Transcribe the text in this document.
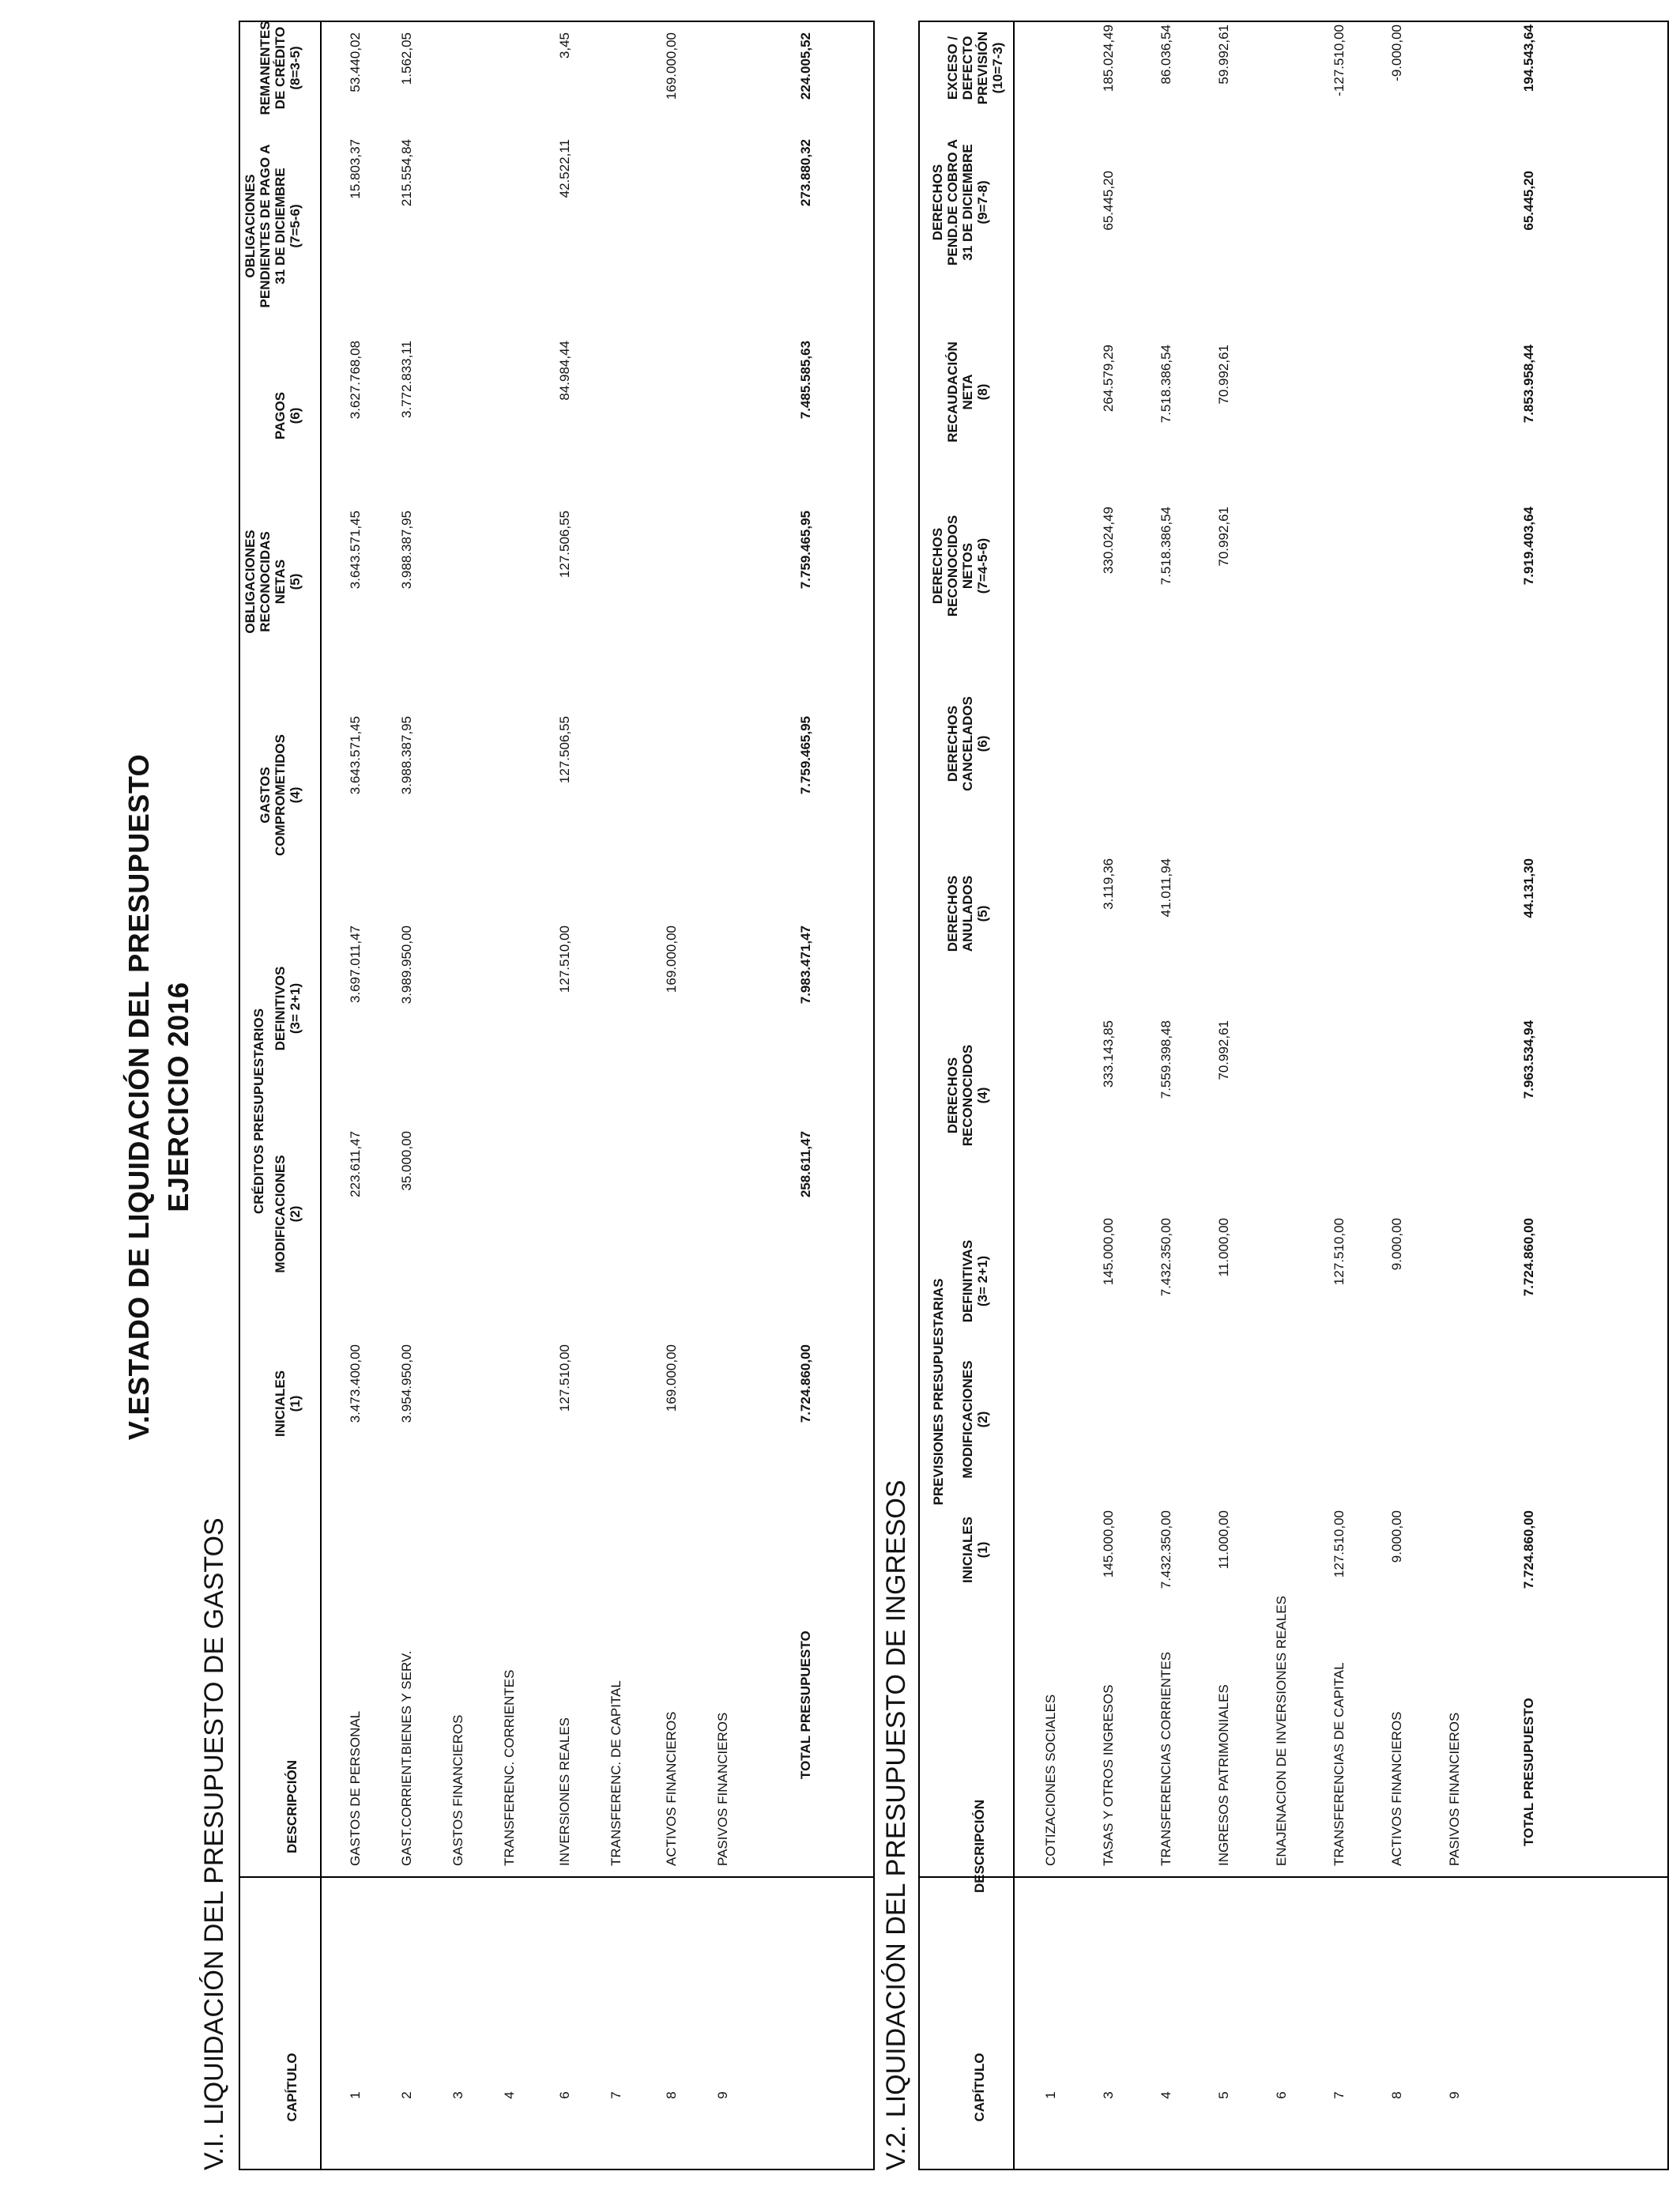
V.ESTADO DE LIQUIDACIÓN DEL PRESUPUESTO EJERCICIO 2016
V.I. LIQUIDACIÓN DEL PRESUPUESTO DE GASTOS
CRÉDITOS PRESUPUESTARIOS
CAPÍTULO
DESCRIPCIÓN
INICIALES
(1)
MODIFICACIONES
(2)
DEFINITIVOS
(3= 2+1)
GASTOS
COMPROMETIDOS
(4)
OBLIGACIONES
RECONOCIDAS
NETAS
(5)
PAGOS
(6)
OBLIGACIONES
PENDIENTES DE PAGO A
31 DE DICIEMBRE
(7=5-6)
REMANENTES
DE CRÉDITO
(8=3-5)
1
GASTOS DE PERSONAL
3.473.400,00
223.611,47
3.697.011,47
3.643.571,45
3.643.571,45
3.627.768,08
15.803,37
53.440,02
2
GAST.CORRIENT.BIENES Y SERV.
3.954.950,00
35.000,00
3.989.950,00
3.988.387,95
3.988.387,95
3.772.833,11
215.554,84
1.562,05
3
GASTOS FINANCIEROS
4
TRANSFERENC. CORRIENTES
6
INVERSIONES REALES
127.510,00
127.510,00
127.506,55
127.506,55
84.984,44
42.522,11
3,45
7
TRANSFERENC. DE CAPITAL
8
ACTIVOS FINANCIEROS
169.000,00
169.000,00
169.000,00
9
PASIVOS FINANCIEROS
TOTAL PRESUPUESTO
7.724.860,00
258.611,47
7.983.471,47
7.759.465,95
7.759.465,95
7.485.585,63
273.880,32
224.005,52
V.2. LIQUIDACIÓN DEL PRESUPUESTO DE INGRESOS
PREVISIONES PRESUPUESTARIAS
CAPÍTULO
DESCRIPCIÓN
INICIALES
(1)
MODIFICACIONES
(2)
DEFINITIVAS
(3= 2+1)
DERECHOS
RECONOCIDOS
(4)
DERECHOS
ANULADOS
(5)
DERECHOS
CANCELADOS
(6)
DERECHOS
RECONOCIDOS
NETOS
(7=4-5-6)
RECAUDACIÓN
NETA
(8)
DERECHOS
PEND.DE COBRO A
31 DE DICIEMBRE
(9=7-8)
EXCESO / DEFECTO
PREVISIÓN
(10=7-3)
1
COTIZACIONES SOCIALES
3
TASAS Y OTROS INGRESOS
145.000,00
145.000,00
333.143,85
3.119,36
330.024,49
264.579,29
65.445,20
185.024,49
4
TRANSFERENCIAS CORRIENTES
7.432.350,00
7.432.350,00
7.559.398,48
41.011,94
7.518.386,54
7.518.386,54
86.036,54
5
INGRESOS PATRIMONIALES
11.000,00
11.000,00
70.992,61
70.992,61
70.992,61
59.992,61
6
ENAJENACION DE INVERSIONES REALES
7
TRANSFERENCIAS DE CAPITAL
127.510,00
127.510,00
-127.510,00
8
ACTIVOS FINANCIEROS
9.000,00
9.000,00
-9.000,00
9
PASIVOS FINANCIEROS	TOTAL PRESUPUESTO
7.724.860,00
7.724.860,00
7.963.534,94
44.131,30
7.919.403,64
7.853.958,44
65.445,20
194.543,64
